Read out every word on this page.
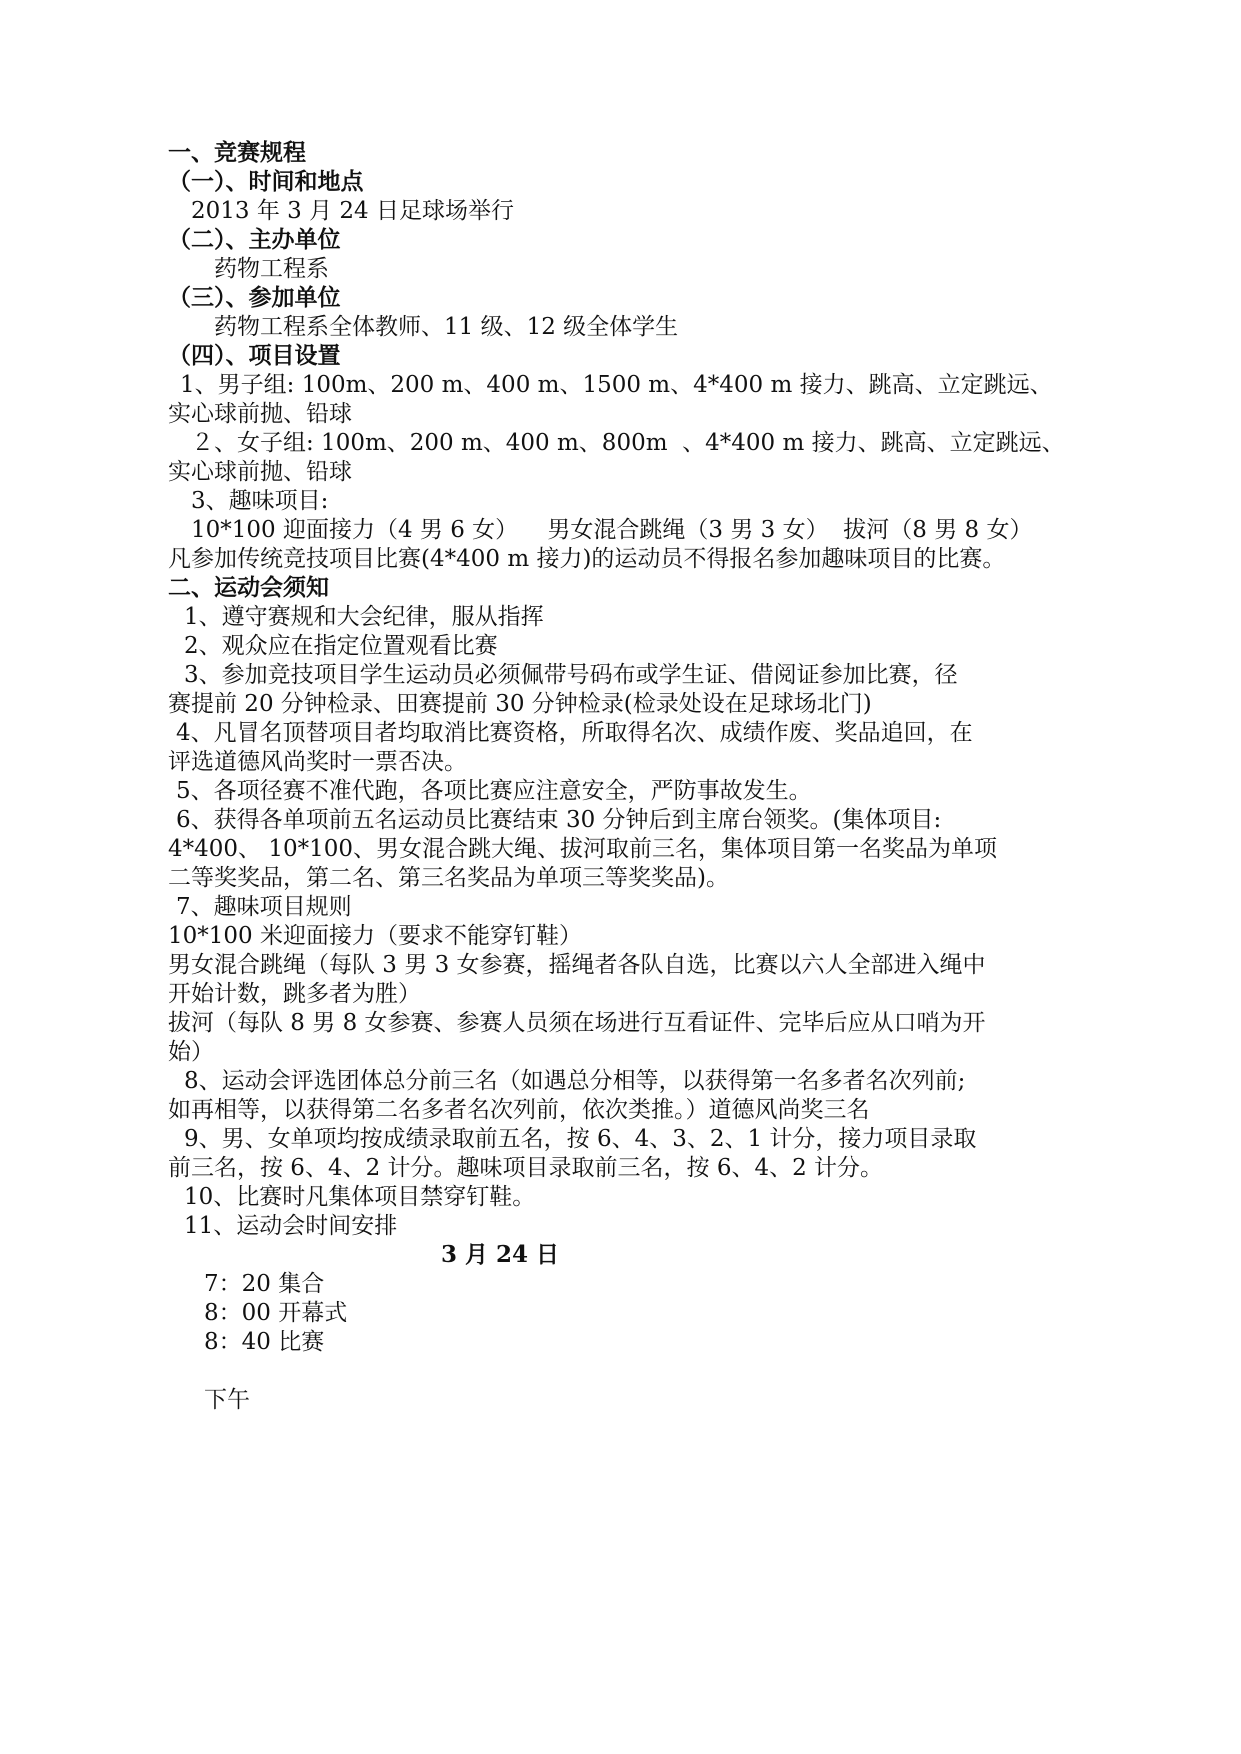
一、竞赛规程
（一）、时间和地点
2013 年 3 月 24 日足球场举行
（二）、主办单位
药物工程系
（三）、参加单位
药物工程系全体教师、11 级、12 级全体学生
（四）、项目设置
1、男子组: 100m、200 m、400 m、1500 m、4*400 m 接力、跳高、立定跳远、
实心球前抛、铅球
２、女子组: 100m、200 m、400 m、800m  、4*400 m 接力、跳高、立定跳远、
实心球前抛、铅球
3、趣味项目:
10*100 迎面接力（4 男 6 女）    男女混合跳绳（3 男 3 女）  拔河（8 男 8 女）
凡参加传统竞技项目比赛(4*400 m 接力)的运动员不得报名参加趣味项目的比赛。
二、运动会须知
1、遵守赛规和大会纪律，服从指挥
2、观众应在指定位置观看比赛
3、参加竞技项目学生运动员必须佩带号码布或学生证、借阅证参加比赛，径
赛提前 20 分钟检录、田赛提前 30 分钟检录(检录处设在足球场北门)
4、凡冒名顶替项目者均取消比赛资格，所取得名次、成绩作废、奖品追回，在
评选道德风尚奖时一票否决。
5、各项径赛不准代跑，各项比赛应注意安全，严防事故发生。
6、获得各单项前五名运动员比赛结束 30 分钟后到主席台领奖。(集体项目:
4*400、 10*100、男女混合跳大绳、拔河取前三名，集体项目第一名奖品为单项
二等奖奖品，第二名、第三名奖品为单项三等奖奖品)。
7、趣味项目规则
10*100 米迎面接力（要求不能穿钉鞋）
男女混合跳绳（每队 3 男 3 女参赛，摇绳者各队自选，比赛以六人全部进入绳中
开始计数，跳多者为胜）
拔河（每队 8 男 8 女参赛、参赛人员须在场进行互看证件、完毕后应从口哨为开
始）
8、运动会评选团体总分前三名（如遇总分相等，以获得第一名多者名次列前;
如再相等，以获得第二名多者名次列前，依次类推。）道德风尚奖三名
9、男、女单项均按成绩录取前五名，按 6、4、3、2、1 计分，接力项目录取
前三名，按 6、4、2 计分。趣味项目录取前三名，按 6、4、2 计分。
10、比赛时凡集体项目禁穿钉鞋。
11、运动会时间安排
3 月 24 日
7：20 集合
8：00 开幕式
8：40 比赛
下午
